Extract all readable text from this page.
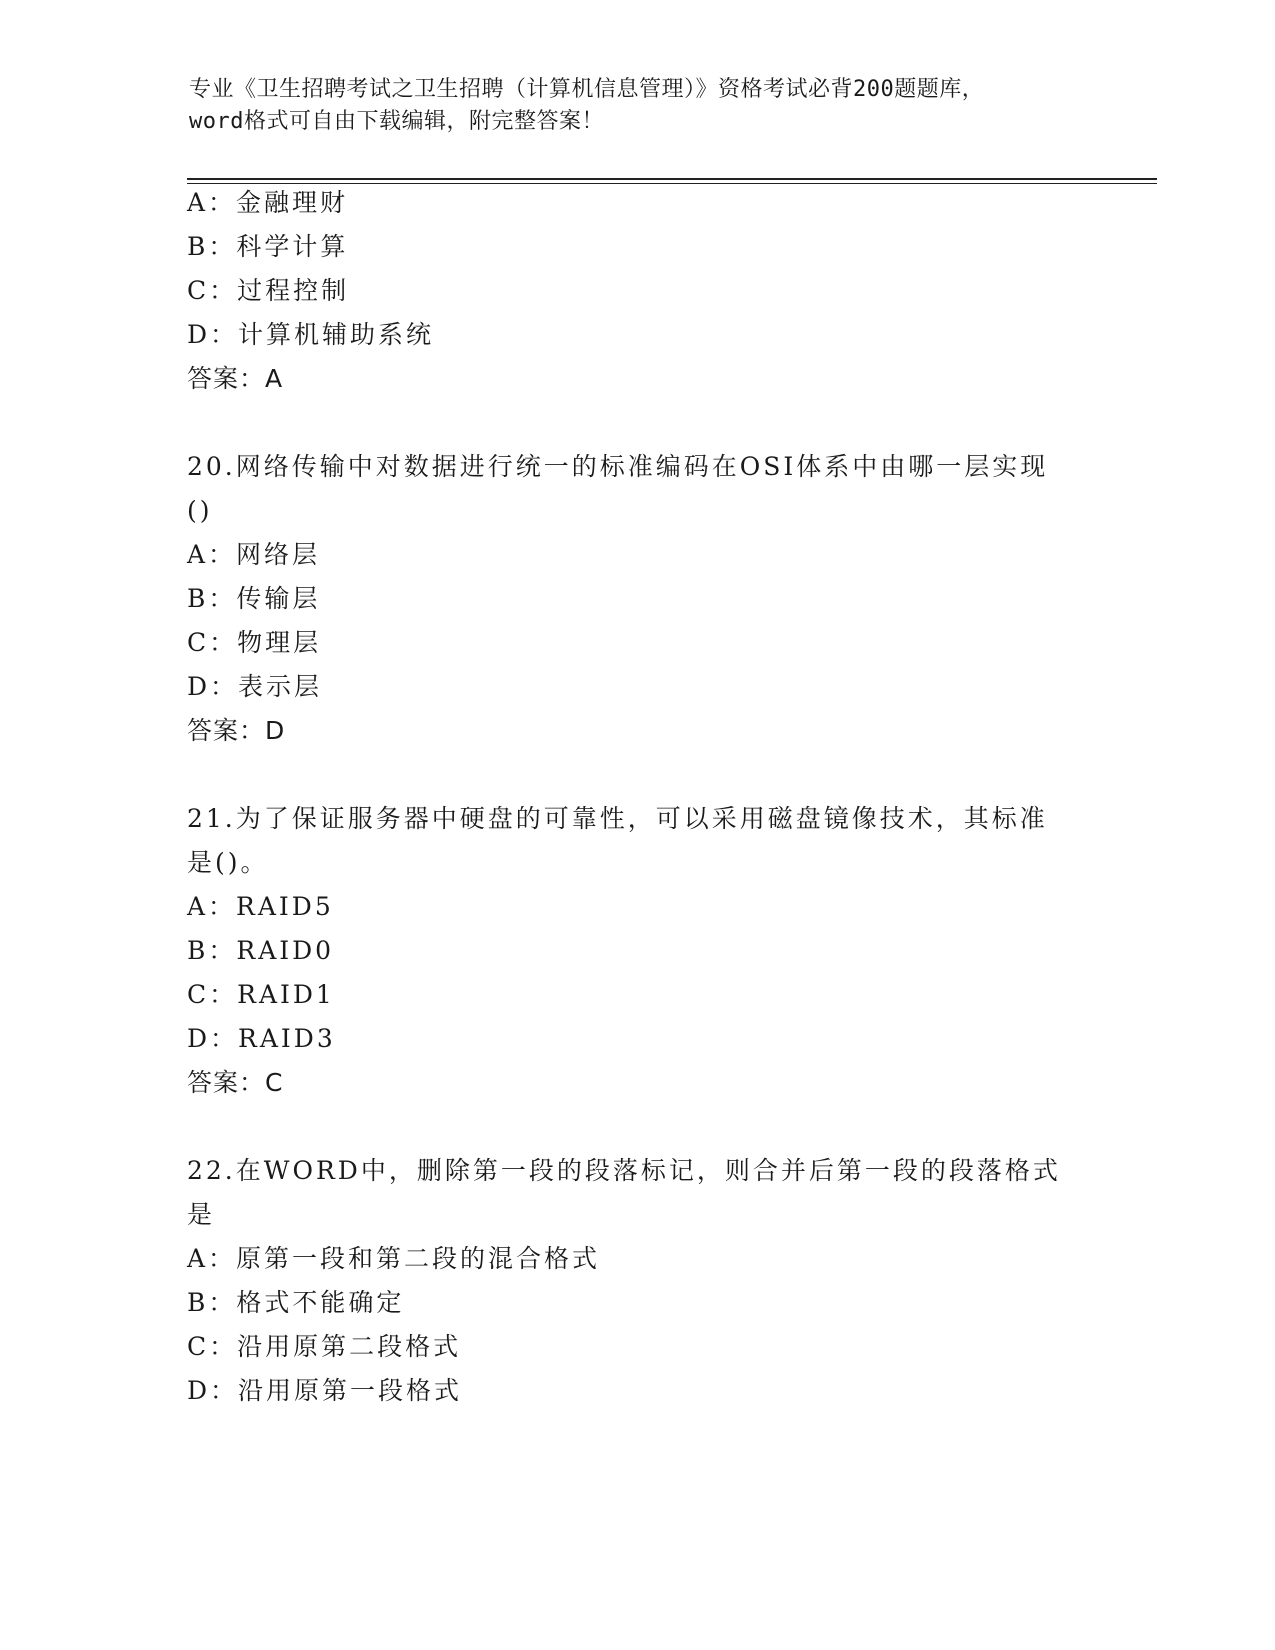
专业《卫生招聘考试之卫生招聘（计算机信息管理）》资格考试必背200题题库，
word格式可自由下载编辑，附完整答案！
A：金融理财
B：科学计算
C：过程控制
D：计算机辅助系统
答案：A
20.网络传输中对数据进行统一的标准编码在OSI体系中由哪一层实现
()
A：网络层
B：传输层
C：物理层
D：表示层
答案：D
21.为了保证服务器中硬盘的可靠性，可以采用磁盘镜像技术，其标准
是()。
A：RAID5
B：RAID0
C：RAID1
D：RAID3
答案：C
22.在WORD中，删除第一段的段落标记，则合并后第一段的段落格式
是
A：原第一段和第二段的混合格式
B：格式不能确定
C：沿用原第二段格式
D：沿用原第一段格式
